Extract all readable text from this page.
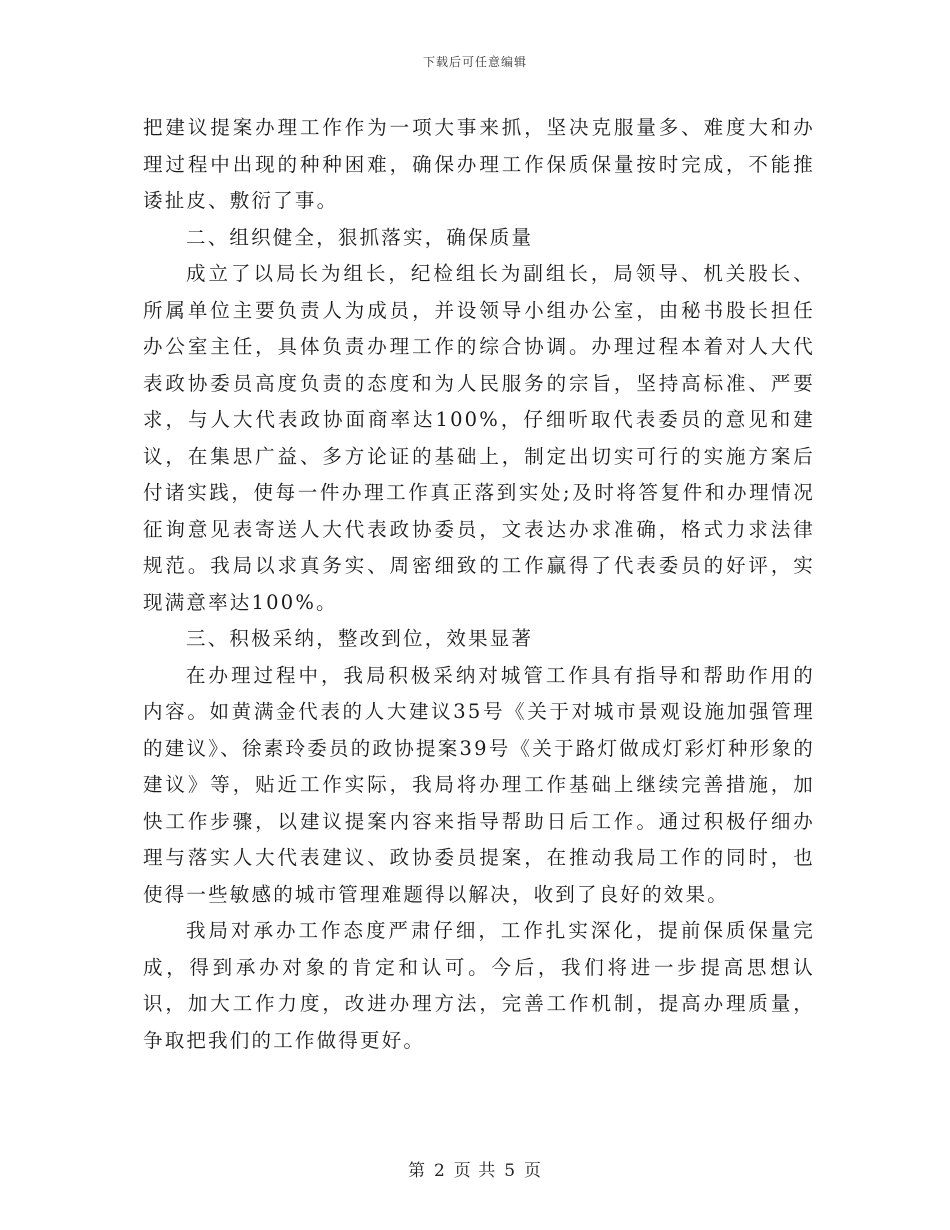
下载后可任意编辑

把建议提案办理工作作为一项大事来抓，坚决克服量多、难度大和办理过程中出现的种种困难，确保办理工作保质保量按时完成，不能推诿扯皮、敷衍了事。

二、组织健全，狠抓落实，确保质量

成立了以局长为组长，纪检组长为副组长，局领导、机关股长、所属单位主要负责人为成员，并设领导小组办公室，由秘书股长担任办公室主任，具体负责办理工作的综合协调。办理过程本着对人大代表政协委员高度负责的态度和为人民服务的宗旨，坚持高标准、严要求，与人大代表政协面商率达100%，仔细听取代表委员的意见和建议，在集思广益、多方论证的基础上，制定出切实可行的实施方案后付诸实践，使每一件办理工作真正落到实处;及时将答复件和办理情况征询意见表寄送人大代表政协委员，文表达办求准确，格式力求法律规范。我局以求真务实、周密细致的工作赢得了代表委员的好评，实现满意率达100%。

三、积极采纳，整改到位，效果显著

在办理过程中，我局积极采纳对城管工作具有指导和帮助作用的内容。如黄满金代表的人大建议35号《关于对城市景观设施加强管理的建议》、徐素玲委员的政协提案39号《关于路灯做成灯彩灯种形象的建议》等，贴近工作实际，我局将办理工作基础上继续完善措施，加快工作步骤，以建议提案内容来指导帮助日后工作。通过积极仔细办理与落实人大代表建议、政协委员提案，在推动我局工作的同时，也使得一些敏感的城市管理难题得以解决，收到了良好的效果。

我局对承办工作态度严肃仔细，工作扎实深化，提前保质保量完成，得到承办对象的肯定和认可。今后，我们将进一步提高思想认识，加大工作力度，改进办理方法，完善工作机制，提高办理质量，争取把我们的工作做得更好。

第 2 页 共 5 页
